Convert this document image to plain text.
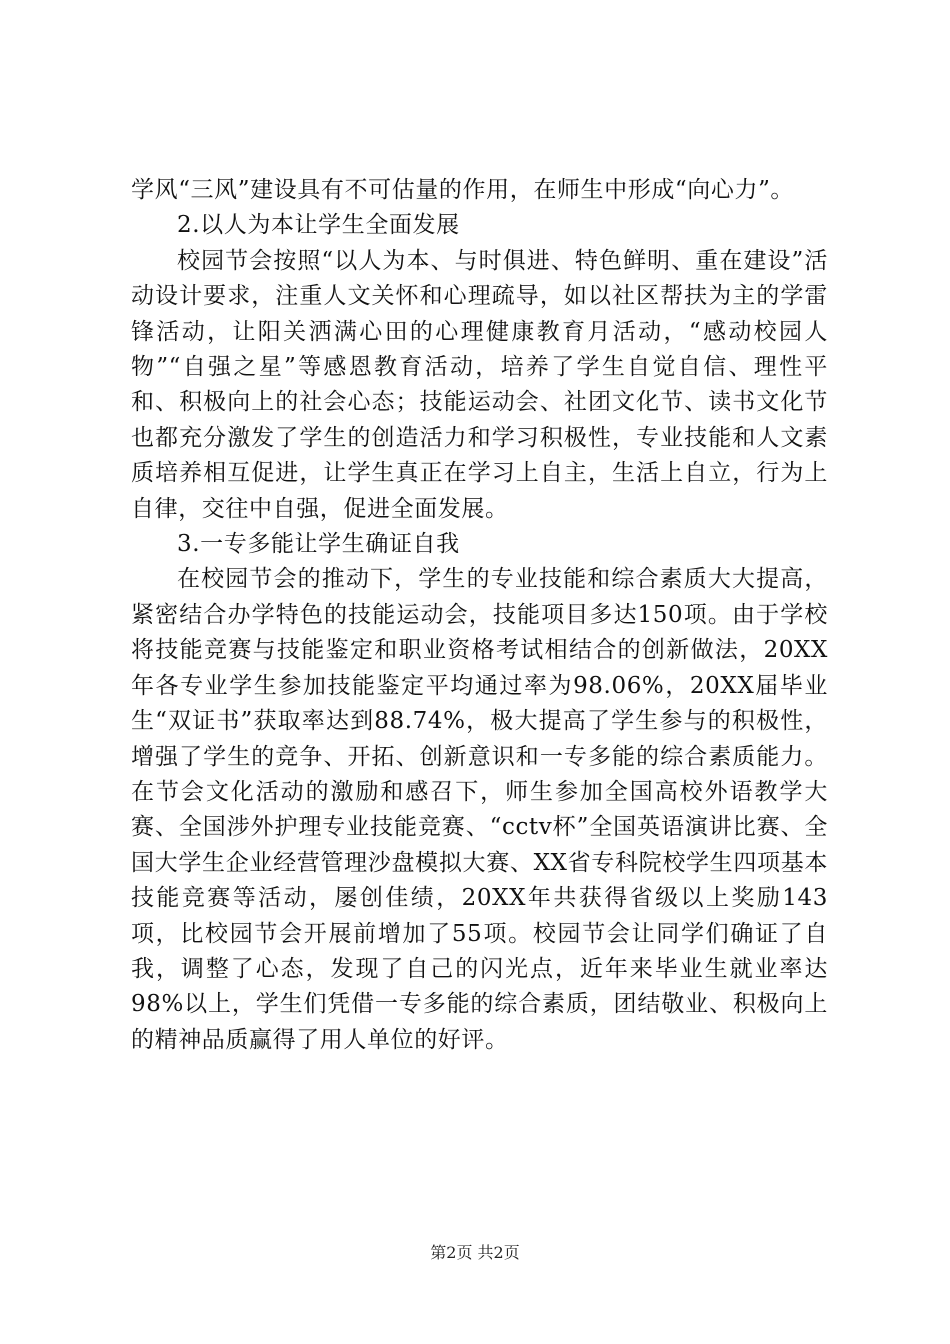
学风“三风”建设具有不可估量的作用，在师生中形成“向心力”。

2.以人为本让学生全面发展

校园节会按照“以人为本、与时俱进、特色鲜明、重在建设”活动设计要求，注重人文关怀和心理疏导，如以社区帮扶为主的学雷锋活动，让阳关洒满心田的心理健康教育月活动，“感动校园人物”“自强之星”等感恩教育活动，培养了学生自觉自信、理性平和、积极向上的社会心态；技能运动会、社团文化节、读书文化节也都充分激发了学生的创造活力和学习积极性，专业技能和人文素质培养相互促进，让学生真正在学习上自主，生活上自立，行为上自律，交往中自强，促进全面发展。

3.一专多能让学生确证自我

在校园节会的推动下，学生的专业技能和综合素质大大提高，紧密结合办学特色的技能运动会，技能项目多达150项。由于学校将技能竞赛与技能鉴定和职业资格考试相结合的创新做法，20XX年各专业学生参加技能鉴定平均通过率为98.06%，20XX届毕业生“双证书”获取率达到88.74%，极大提高了学生参与的积极性，增强了学生的竞争、开拓、创新意识和一专多能的综合素质能力。在节会文化活动的激励和感召下，师生参加全国高校外语教学大赛、全国涉外护理专业技能竞赛、“cctv杯”全国英语演讲比赛、全国大学生企业经营管理沙盘模拟大赛、XX省专科院校学生四项基本技能竞赛等活动，屡创佳绩，20XX年共获得省级以上奖励143项，比校园节会开展前增加了55项。校园节会让同学们确证了自我，调整了心态，发现了自己的闪光点，近年来毕业生就业率达98%以上，学生们凭借一专多能的综合素质，团结敬业、积极向上的精神品质赢得了用人单位的好评。

第2页 共2页
